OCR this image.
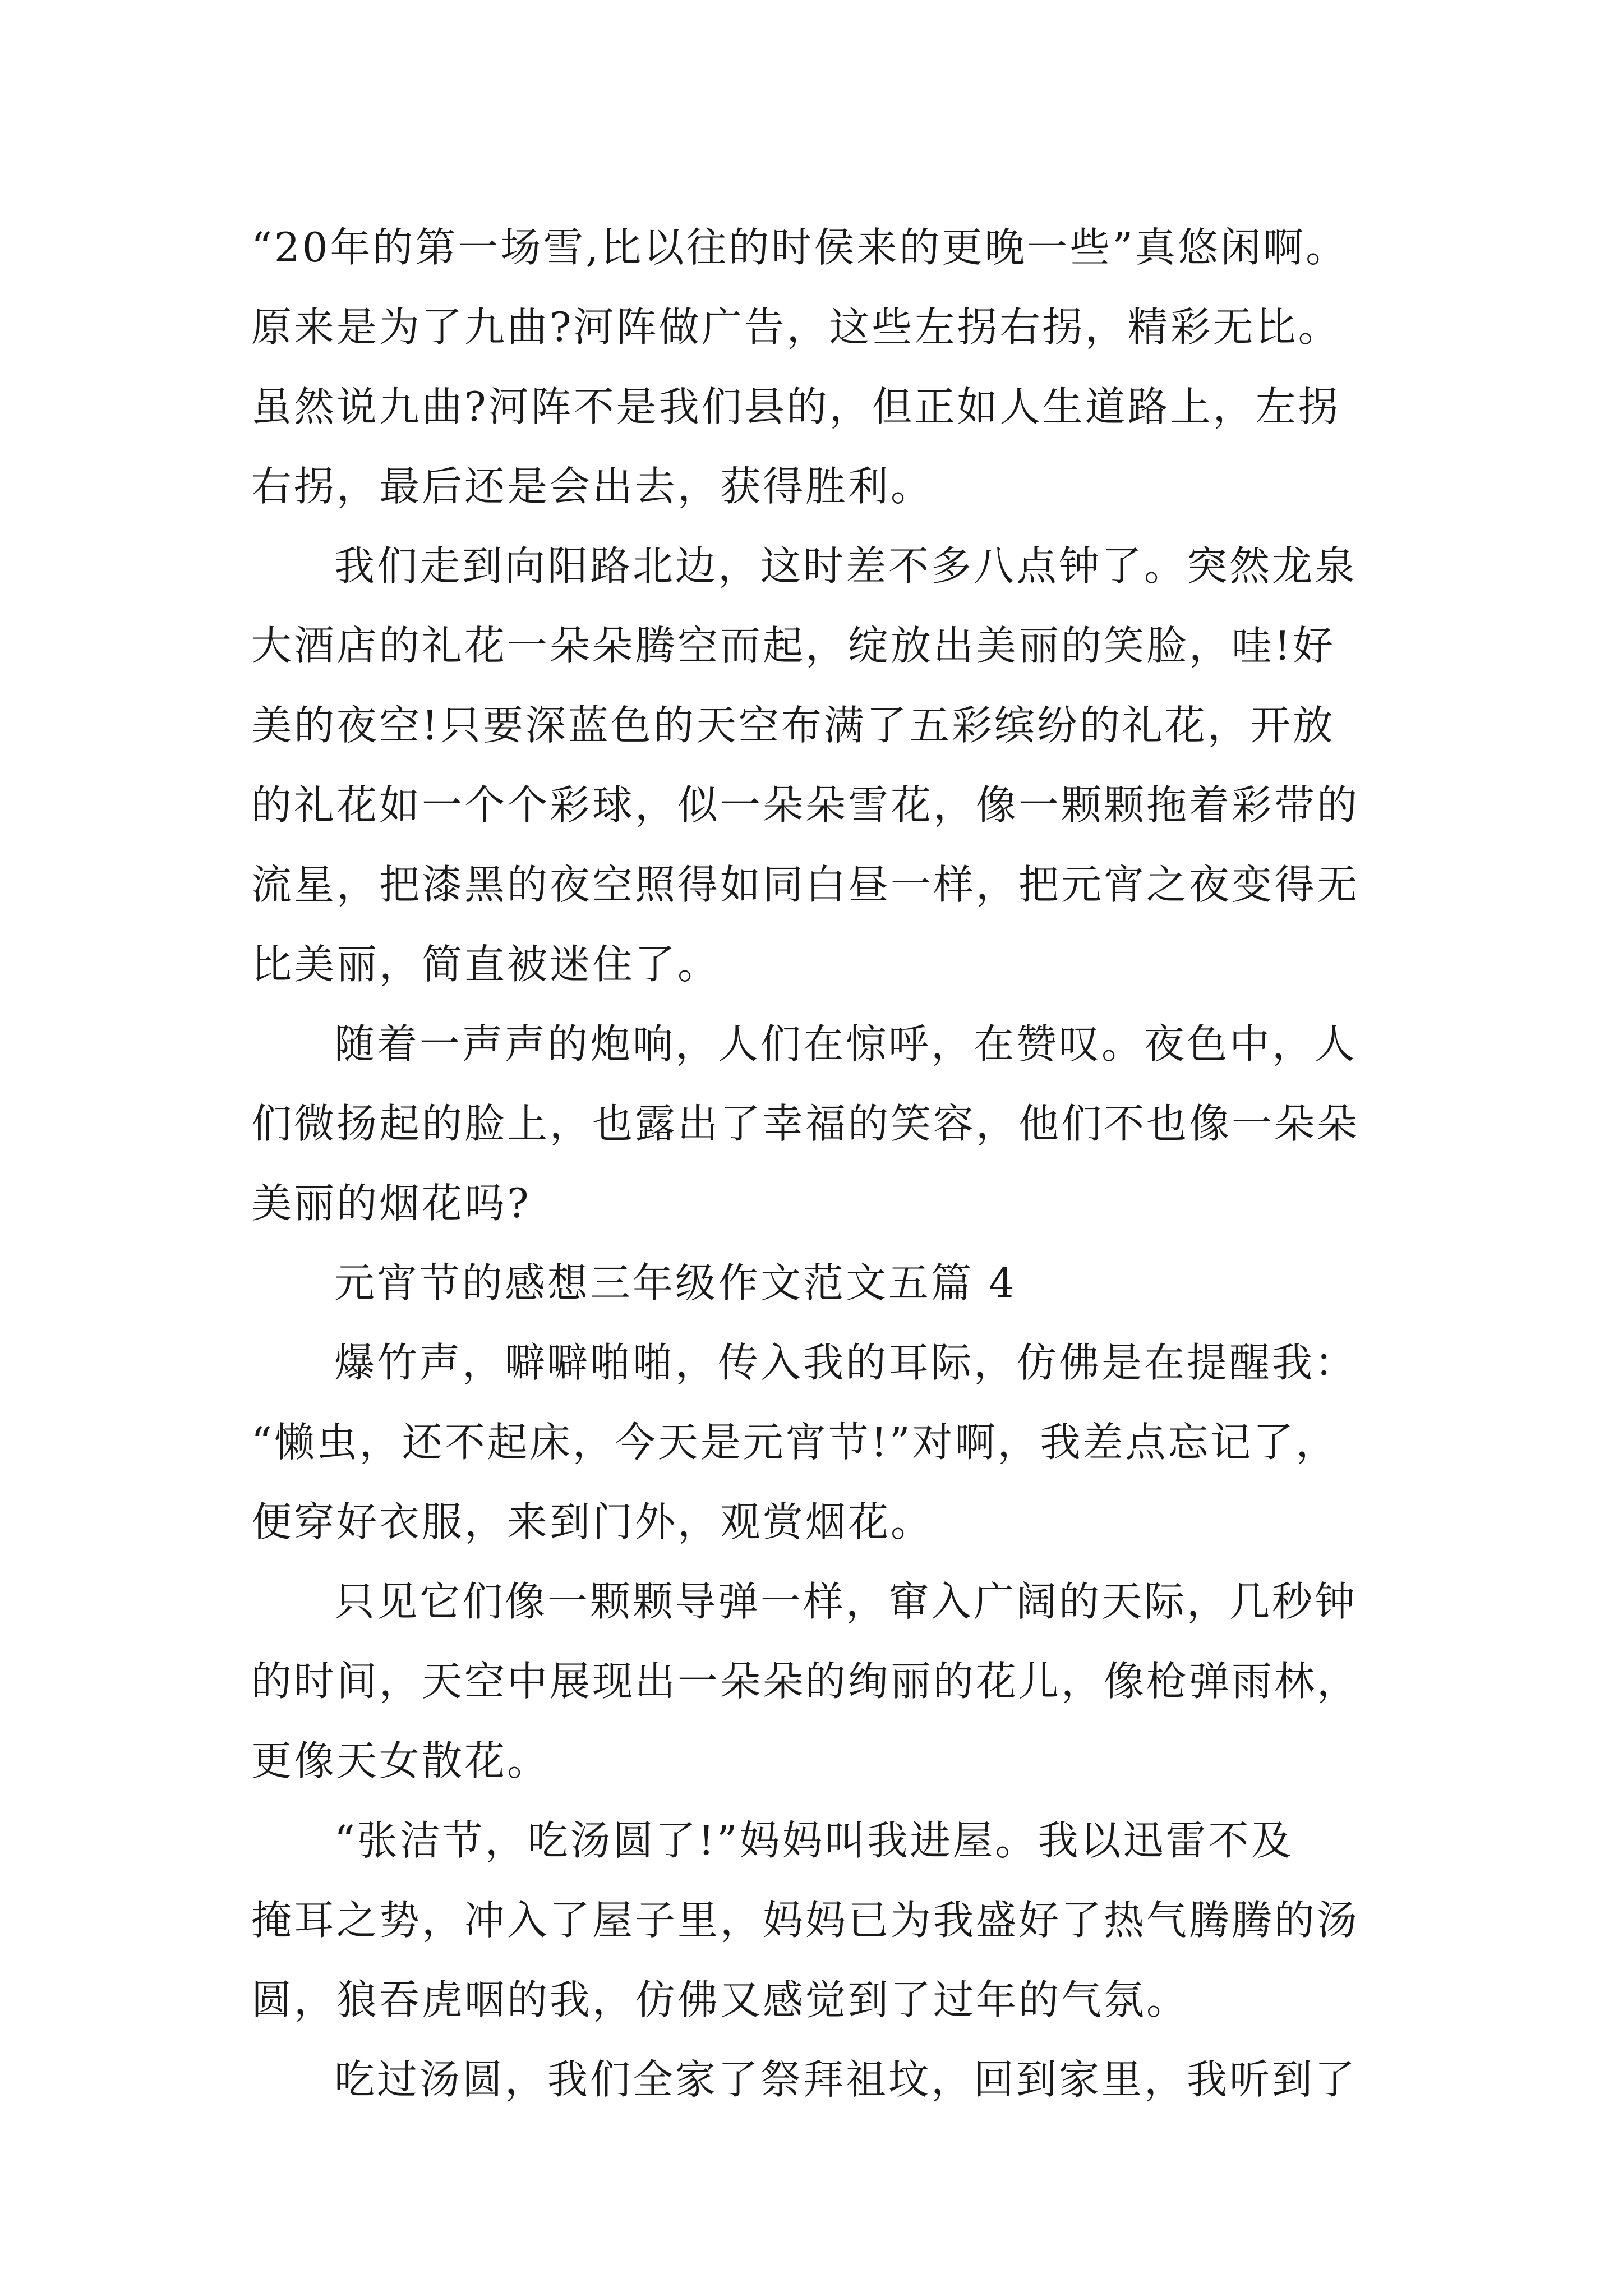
“20年的第一场雪,比以往的时侯来的更晚一些”真悠闲啊。
原来是为了九曲?河阵做广告，这些左拐右拐，精彩无比。
虽然说九曲?河阵不是我们县的，但正如人生道路上，左拐
右拐，最后还是会出去，获得胜利。
我们走到向阳路北边，这时差不多八点钟了。突然龙泉
大酒店的礼花一朵朵腾空而起，绽放出美丽的笑脸，哇!好
美的夜空!只要深蓝色的天空布满了五彩缤纷的礼花，开放
的礼花如一个个彩球，似一朵朵雪花，像一颗颗拖着彩带的
流星，把漆黑的夜空照得如同白昼一样，把元宵之夜变得无
比美丽，简直被迷住了。
随着一声声的炮响，人们在惊呼，在赞叹。夜色中，人
们微扬起的脸上，也露出了幸福的笑容，他们不也像一朵朵
美丽的烟花吗?
元宵节的感想三年级作文范文五篇 4
爆竹声，噼噼啪啪，传入我的耳际，仿佛是在提醒我：
“懒虫，还不起床，今天是元宵节!”对啊，我差点忘记了，
便穿好衣服，来到门外，观赏烟花。
只见它们像一颗颗导弹一样，窜入广阔的天际，几秒钟
的时间，天空中展现出一朵朵的绚丽的花儿，像枪弹雨林，
更像天女散花。
“张洁节，吃汤圆了!”妈妈叫我进屋。我以迅雷不及
掩耳之势，冲入了屋子里，妈妈已为我盛好了热气腾腾的汤
圆，狼吞虎咽的我，仿佛又感觉到了过年的气氛。
吃过汤圆，我们全家了祭拜祖坟，回到家里，我听到了
